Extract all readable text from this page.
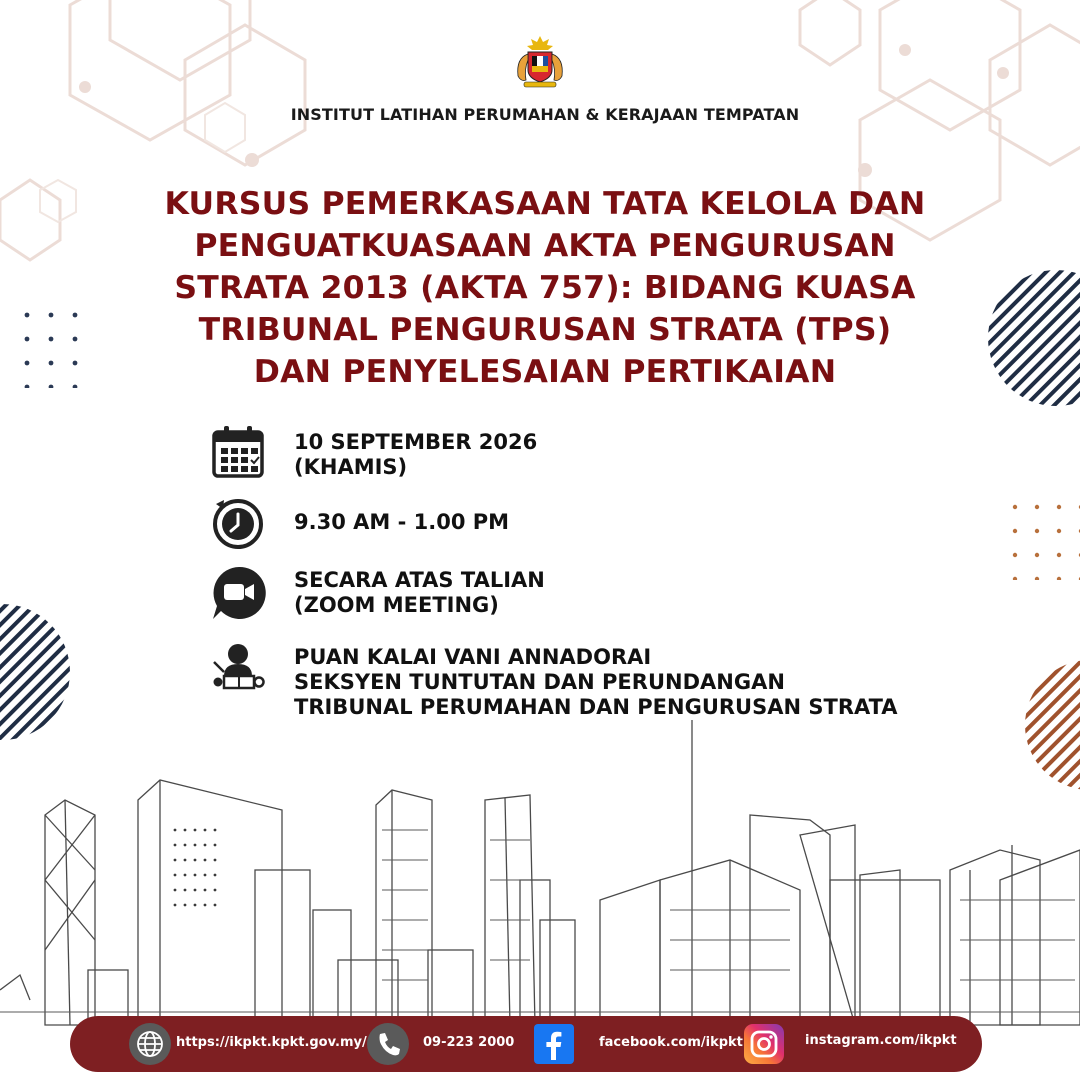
INSTITUT LATIHAN PERUMAHAN & KERAJAAN TEMPATAN
KURSUS PEMERKASAAN TATA KELOLA DAN
PENGUATKUASAAN AKTA PENGURUSAN
STRATA 2013 (AKTA 757): BIDANG KUASA
TRIBUNAL PENGURUSAN STRATA (TPS)
DAN PENYELESAIAN PERTIKAIAN
10 SEPTEMBER 2026
(KHAMIS)
9.30 AM - 1.00 PM
SECARA ATAS TALIAN
(ZOOM MEETING)
PUAN KALAI VANI ANNADORAI
SEKSYEN TUNTUTAN DAN PERUNDANGAN
TRIBUNAL PERUMAHAN DAN PENGURUSAN STRATA
https://ikpkt.kpkt.gov.my/	09-223 2000	facebook.com/ikpkt	instagram.com/ikpkt
